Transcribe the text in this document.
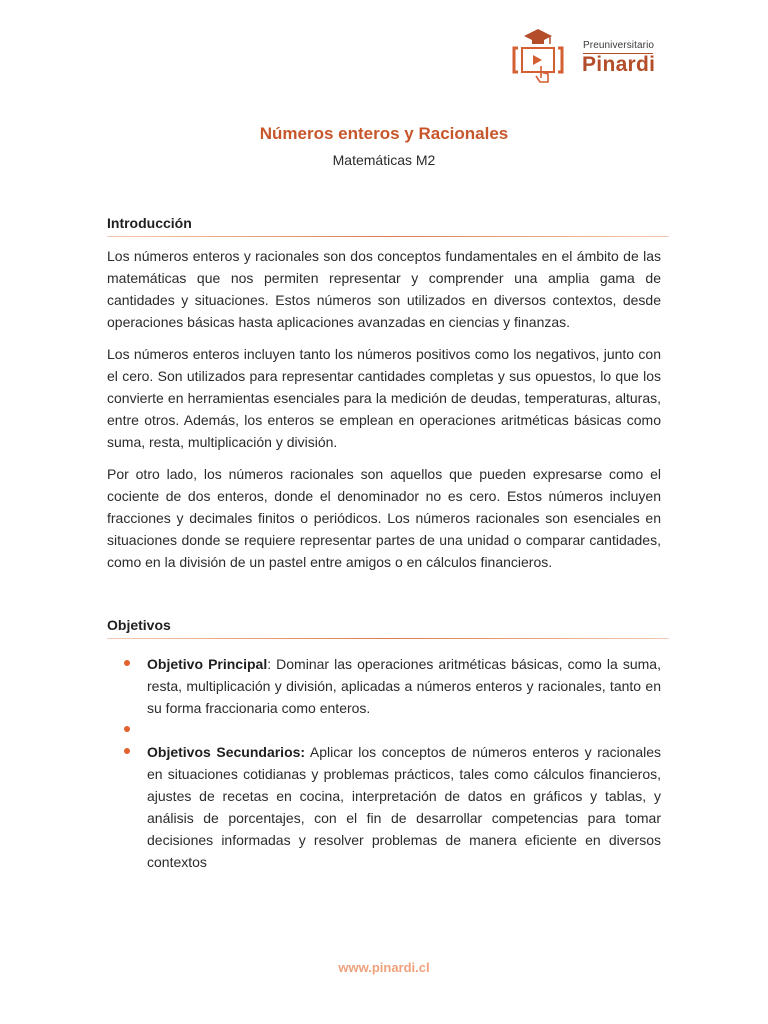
Preuniversitario
Pinardi
Números enteros y Racionales
Matemáticas M2
Introducción

Los números enteros y racionales son dos conceptos fundamentales en el ámbito de las matemáticas que nos permiten representar y comprender una amplia gama de cantidades y situaciones. Estos números son utilizados en diversos contextos, desde operaciones básicas hasta aplicaciones avanzadas en ciencias y finanzas.

Los números enteros incluyen tanto los números positivos como los negativos, junto con el cero. Son utilizados para representar cantidades completas y sus opuestos, lo que los convierte en herramientas esenciales para la medición de deudas, temperaturas, alturas, entre otros. Además, los enteros se emplean en operaciones aritméticas básicas como suma, resta, multiplicación y división.

Por otro lado, los números racionales son aquellos que pueden expresarse como el cociente de dos enteros, donde el denominador no es cero. Estos números incluyen fracciones y decimales finitos o periódicos. Los números racionales son esenciales en situaciones donde se requiere representar partes de una unidad o comparar cantidades, como en la división de un pastel entre amigos o en cálculos financieros.

Objetivos
Objetivo Principal: Dominar las operaciones aritméticas básicas, como la suma, resta, multiplicación y división, aplicadas a números enteros y racionales, tanto en su forma fraccionaria como enteros.
Objetivos Secundarios: Aplicar los conceptos de números enteros y racionales en situaciones cotidianas y problemas prácticos, tales como cálculos financieros, ajustes de recetas en cocina, interpretación de datos en gráficos y tablas, y análisis de porcentajes, con el fin de desarrollar competencias para tomar decisiones informadas y resolver problemas de manera eficiente en diversos contextos
www.pinardi.cl
